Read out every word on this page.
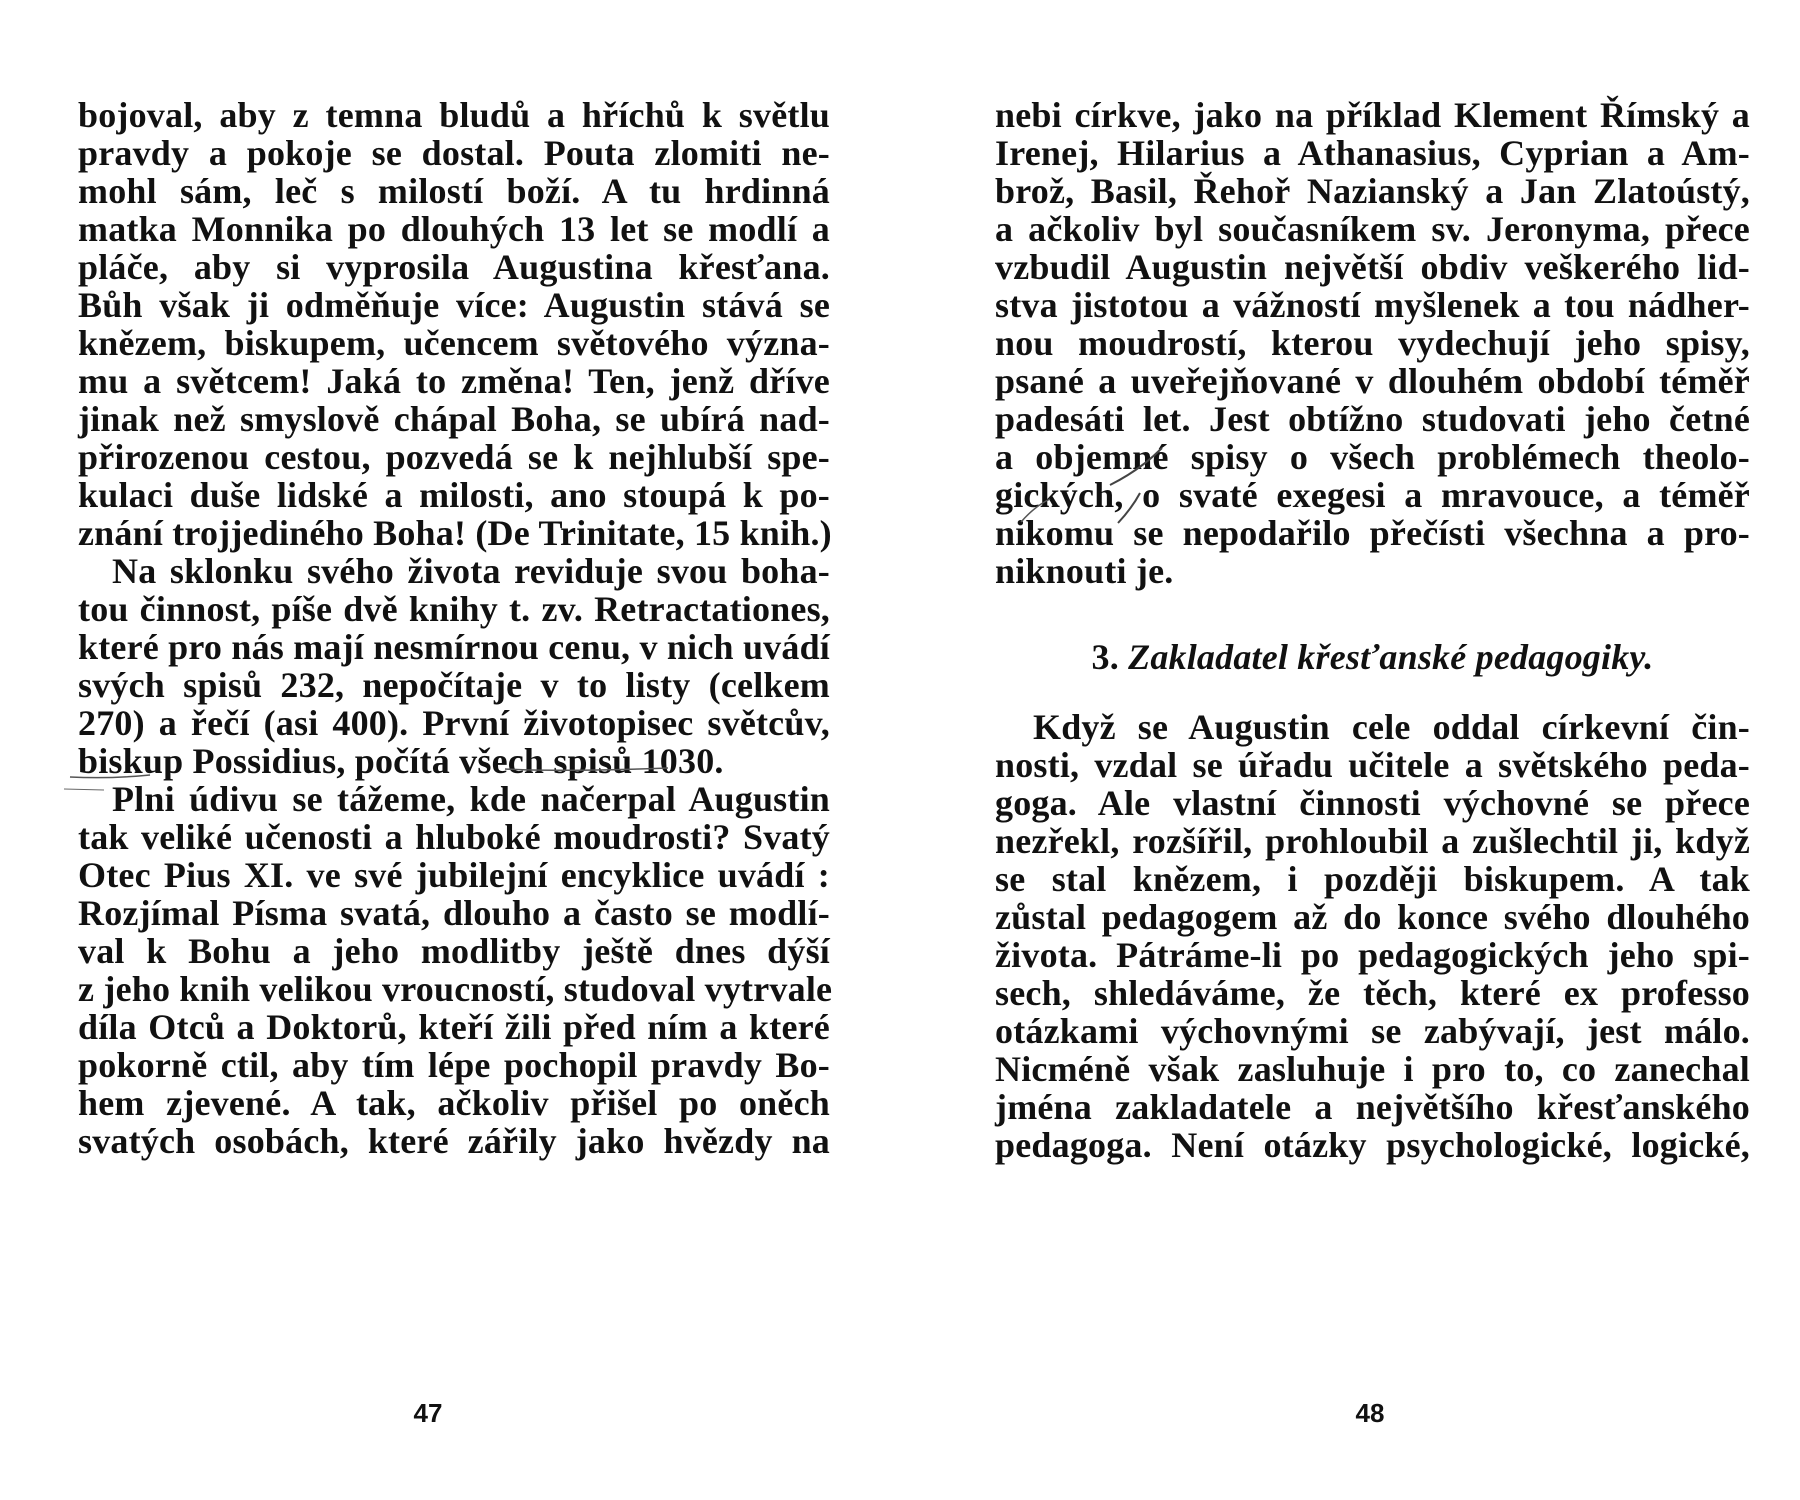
bojoval, aby z temna bludů a hříchů k světlu
pravdy a pokoje se dostal. Pouta zlomiti ne-
mohl sám, leč s milostí boží. A tu hrdinná
matka Monnika po dlouhých 13 let se modlí a
pláče, aby si vyprosila Augustina křesťana.
Bůh však ji odměňuje více: Augustin stává se
knězem, biskupem, učencem světového význa-
mu a světcem! Jaká to změna! Ten, jenž dříve
jinak než smyslově chápal Boha, se ubírá nad-
přirozenou cestou, pozvedá se k nejhlubší spe-
kulaci duše lidské a milosti, ano stoupá k po-
znání trojjediného Boha! (De Trinitate, 15 knih.)
Na sklonku svého života reviduje svou boha-
tou činnost, píše dvě knihy t. zv. Retractationes,
které pro nás mají nesmírnou cenu, v nich uvádí
svých spisů 232, nepočítaje v to listy (celkem
270) a řečí (asi 400). První životopisec světcův,
biskup Possidius, počítá všech spisů 1030.
Plni údivu se tážeme, kde načerpal Augustin
tak veliké učenosti a hluboké moudrosti? Svatý
Otec Pius XI. ve své jubilejní encyklice uvádí :
Rozjímal Písma svatá, dlouho a často se modlí-
val k Bohu a jeho modlitby ještě dnes dýší
z jeho knih velikou vroucností, studoval vytrvale
díla Otců a Doktorů, kteří žili před ním a které
pokorně ctil, aby tím lépe pochopil pravdy Bo-
hem zjevené. A tak, ačkoliv přišel po oněch
svatých osobách, které zářily jako hvězdy na
47
nebi církve, jako na příklad Klement Římský a
Irenej, Hilarius a Athanasius, Cyprian a Am-
brož, Basil, Řehoř Nazianský a Jan Zlatoústý,
a ačkoliv byl současníkem sv. Jeronyma, přece
vzbudil Augustin největší obdiv veškerého lid-
stva jistotou a vážností myšlenek a tou nádher-
nou moudrostí, kterou vydechují jeho spisy,
psané a uveřejňované v dlouhém období téměř
padesáti let. Jest obtížno studovati jeho četné
a objemné spisy o všech problémech theolo-
gických, o svaté exegesi a mravouce, a téměř
nikomu se nepodařilo přečísti všechna a pro-
niknouti je.
3. Zakladatel křesťanské pedagogiky.
Když se Augustin cele oddal církevní čin-
nosti, vzdal se úřadu učitele a světského peda-
goga. Ale vlastní činnosti výchovné se přece
nezřekl, rozšířil, prohloubil a zušlechtil ji, když
se stal knězem, i později biskupem. A tak
zůstal pedagogem až do konce svého dlouhého
života. Pátráme-li po pedagogických jeho spi-
sech, shledáváme, že těch, které ex professo
otázkami výchovnými se zabývají, jest málo.
Nicméně však zasluhuje i pro to, co zanechal
jména zakladatele a největšího křesťanského
pedagoga. Není otázky psychologické, logické,
48
